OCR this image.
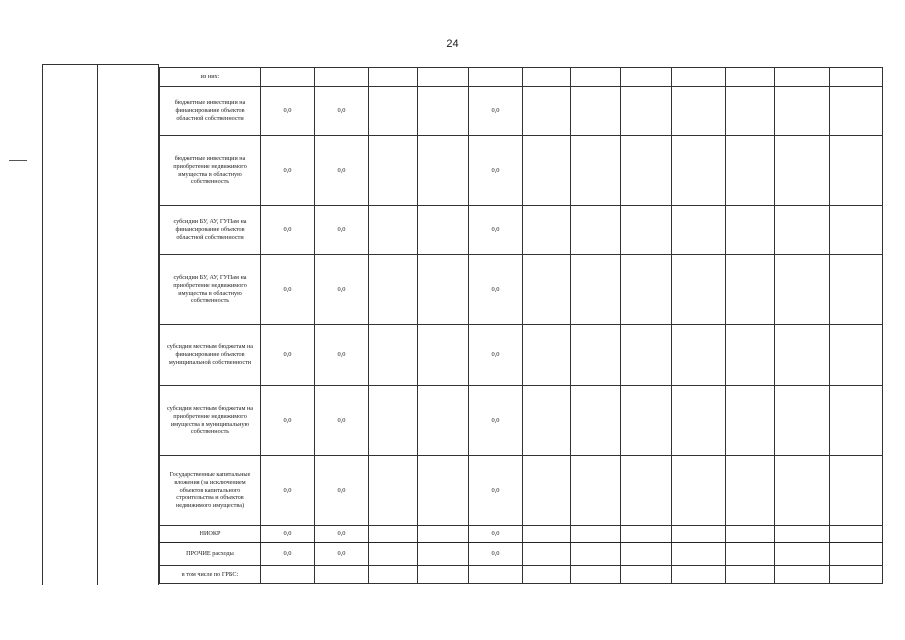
24
из них:												
бюджетные инвестиции на финансирование объектов областной собственности	0,0	0,0			0,0							
бюджетные инвестиции на приобретение недвижимого имущества в областную собственность	0,0	0,0			0,0							
субсидии БУ, АУ, ГУПам на финансирование объектов областной собственности	0,0	0,0			0,0							
субсидии БУ, АУ, ГУПам на приобретение недвижимого имущества в областную собственность	0,0	0,0			0,0							
субсидии местным бюджетам на финансирование объектов муниципальной собственности	0,0	0,0			0,0							
субсидии местным бюджетам на приобретение недвижимого имущества в муниципальную собственность	0,0	0,0			0,0							
Государственные капитальные вложения (за исключением объектов капитального строительства и объектов недвижимого имущества)	0,0	0,0			0,0							
НИОКР	0,0	0,0			0,0							
ПРОЧИЕ расходы	0,0	0,0			0,0							
в том числе по ГРБС:												
